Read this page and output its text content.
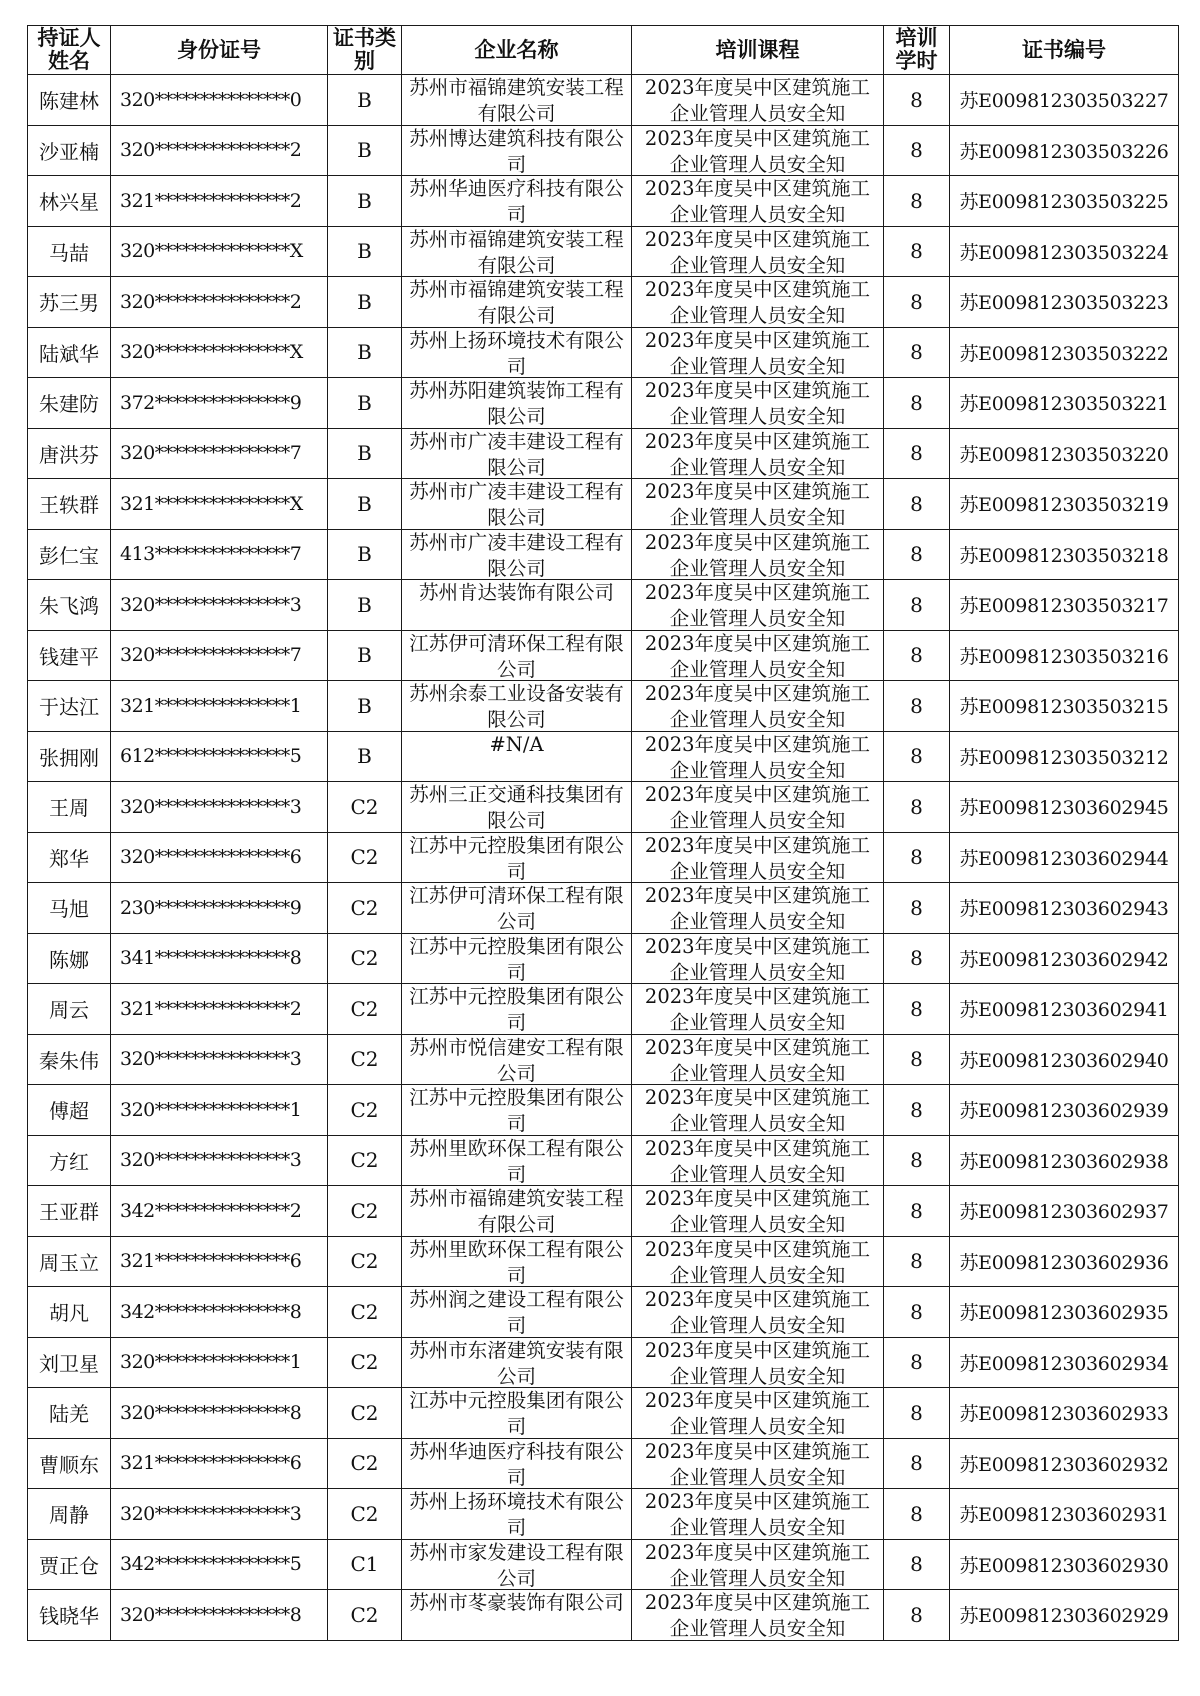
持证人姓名	身份证号	证书类别	企业名称	培训课程	培训学时	证书编号

陈建林	320***************0	B	苏州市福锦建筑安装工程有限公司	2023年度吴中区建筑施工企业管理人员安全知	8	苏E009812303503227
沙亚楠	320***************2	B	苏州博达建筑科技有限公司	2023年度吴中区建筑施工企业管理人员安全知	8	苏E009812303503226
林兴星	321***************2	B	苏州华迪医疗科技有限公司	2023年度吴中区建筑施工企业管理人员安全知	8	苏E009812303503225
马喆	320***************X	B	苏州市福锦建筑安装工程有限公司	2023年度吴中区建筑施工企业管理人员安全知	8	苏E009812303503224
苏三男	320***************2	B	苏州市福锦建筑安装工程有限公司	2023年度吴中区建筑施工企业管理人员安全知	8	苏E009812303503223
陆斌华	320***************X	B	苏州上扬环境技术有限公司	2023年度吴中区建筑施工企业管理人员安全知	8	苏E009812303503222
朱建防	372***************9	B	苏州苏阳建筑装饰工程有限公司	2023年度吴中区建筑施工企业管理人员安全知	8	苏E009812303503221
唐洪芬	320***************7	B	苏州市广凌丰建设工程有限公司	2023年度吴中区建筑施工企业管理人员安全知	8	苏E009812303503220
王轶群	321***************X	B	苏州市广凌丰建设工程有限公司	2023年度吴中区建筑施工企业管理人员安全知	8	苏E009812303503219
彭仁宝	413***************7	B	苏州市广凌丰建设工程有限公司	2023年度吴中区建筑施工企业管理人员安全知	8	苏E009812303503218
朱飞鸿	320***************3	B	苏州肯达装饰有限公司	2023年度吴中区建筑施工企业管理人员安全知	8	苏E009812303503217
钱建平	320***************7	B	江苏伊可清环保工程有限公司	2023年度吴中区建筑施工企业管理人员安全知	8	苏E009812303503216
于达江	321***************1	B	苏州余泰工业设备安装有限公司	2023年度吴中区建筑施工企业管理人员安全知	8	苏E009812303503215
张拥刚	612***************5	B	#N/A	2023年度吴中区建筑施工企业管理人员安全知	8	苏E009812303503212
王周	320***************3	C2	苏州三正交通科技集团有限公司	2023年度吴中区建筑施工企业管理人员安全知	8	苏E009812303602945
郑华	320***************6	C2	江苏中元控股集团有限公司	2023年度吴中区建筑施工企业管理人员安全知	8	苏E009812303602944
马旭	230***************9	C2	江苏伊可清环保工程有限公司	2023年度吴中区建筑施工企业管理人员安全知	8	苏E009812303602943
陈娜	341***************8	C2	江苏中元控股集团有限公司	2023年度吴中区建筑施工企业管理人员安全知	8	苏E009812303602942
周云	321***************2	C2	江苏中元控股集团有限公司	2023年度吴中区建筑施工企业管理人员安全知	8	苏E009812303602941
秦朱伟	320***************3	C2	苏州市悦信建安工程有限公司	2023年度吴中区建筑施工企业管理人员安全知	8	苏E009812303602940
傅超	320***************1	C2	江苏中元控股集团有限公司	2023年度吴中区建筑施工企业管理人员安全知	8	苏E009812303602939
方红	320***************3	C2	苏州里欧环保工程有限公司	2023年度吴中区建筑施工企业管理人员安全知	8	苏E009812303602938
王亚群	342***************2	C2	苏州市福锦建筑安装工程有限公司	2023年度吴中区建筑施工企业管理人员安全知	8	苏E009812303602937
周玉立	321***************6	C2	苏州里欧环保工程有限公司	2023年度吴中区建筑施工企业管理人员安全知	8	苏E009812303602936
胡凡	342***************8	C2	苏州润之建设工程有限公司	2023年度吴中区建筑施工企业管理人员安全知	8	苏E009812303602935
刘卫星	320***************1	C2	苏州市东渚建筑安装有限公司	2023年度吴中区建筑施工企业管理人员安全知	8	苏E009812303602934
陆羌	320***************8	C2	江苏中元控股集团有限公司	2023年度吴中区建筑施工企业管理人员安全知	8	苏E009812303602933
曹顺东	321***************6	C2	苏州华迪医疗科技有限公司	2023年度吴中区建筑施工企业管理人员安全知	8	苏E009812303602932
周静	320***************3	C2	苏州上扬环境技术有限公司	2023年度吴中区建筑施工企业管理人员安全知	8	苏E009812303602931
贾正仓	342***************5	C1	苏州市家发建设工程有限公司	2023年度吴中区建筑施工企业管理人员安全知	8	苏E009812303602930
钱晓华	320***************8	C2	苏州市苳豪装饰有限公司	2023年度吴中区建筑施工企业管理人员安全知	8	苏E009812303602929
